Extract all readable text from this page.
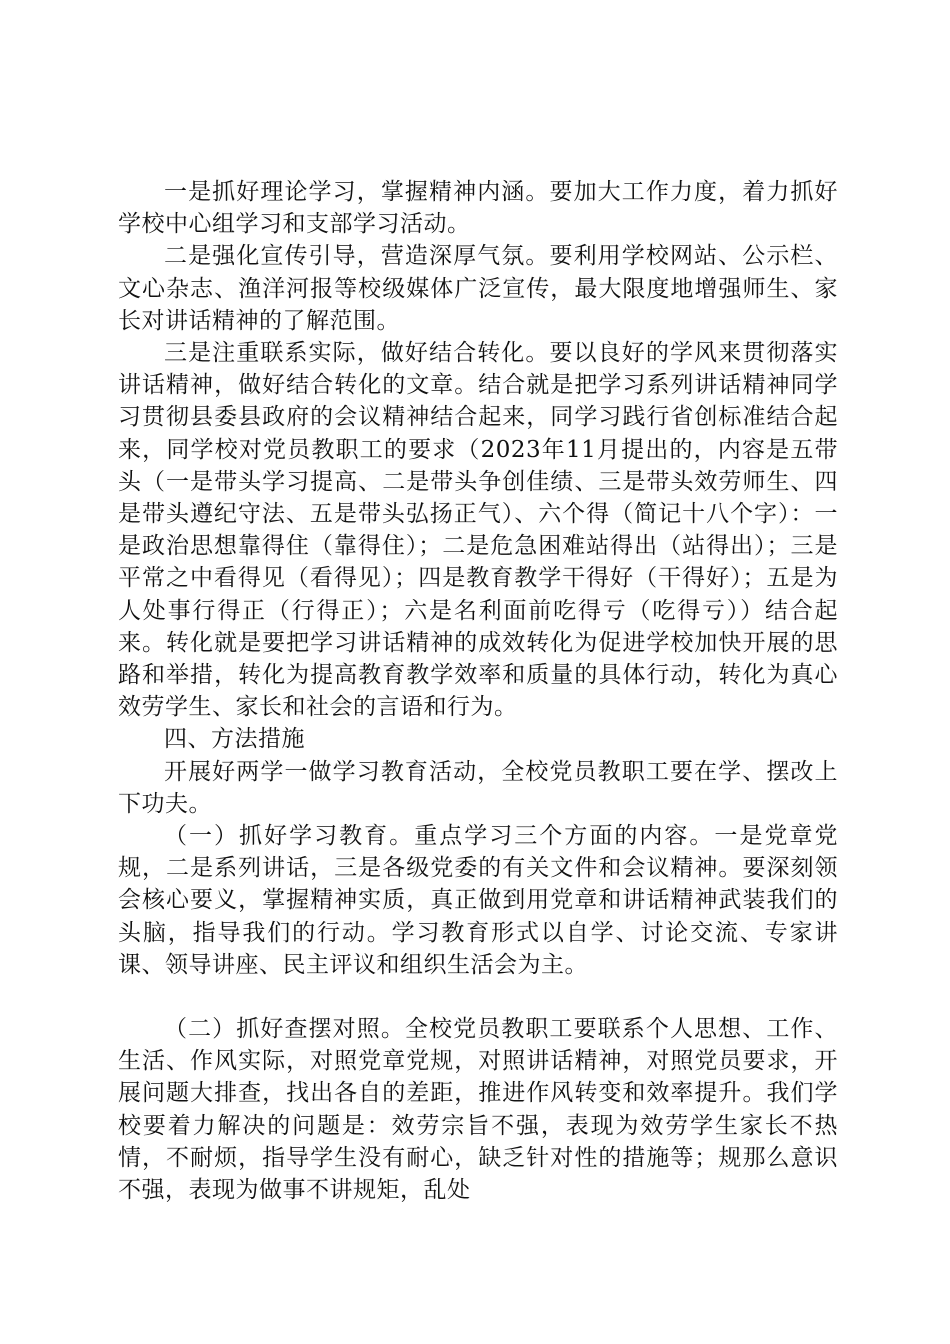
一是抓好理论学习，掌握精神内涵。要加大工作力度，着力抓好学校中心组学习和支部学习活动。

二是强化宣传引导，营造深厚气氛。要利用学校网站、公示栏、文心杂志、渔洋河报等校级媒体广泛宣传，最大限度地增强师生、家长对讲话精神的了解范围。

三是注重联系实际，做好结合转化。要以良好的学风来贯彻落实讲话精神，做好结合转化的文章。结合就是把学习系列讲话精神同学习贯彻县委县政府的会议精神结合起来，同学习践行省创标准结合起来，同学校对党员教职工的要求（2023年11月提出的，内容是五带头（一是带头学习提高、二是带头争创佳绩、三是带头效劳师生、四是带头遵纪守法、五是带头弘扬正气）、六个得（简记十八个字）：一是政治思想靠得住（靠得住）；二是危急困难站得出（站得出）；三是平常之中看得见（看得见）；四是教育教学干得好（干得好）；五是为人处事行得正（行得正）；六是名利面前吃得亏（吃得亏））结合起来。转化就是要把学习讲话精神的成效转化为促进学校加快开展的思路和举措，转化为提高教育教学效率和质量的具体行动，转化为真心效劳学生、家长和社会的言语和行为。

四、方法措施

开展好两学一做学习教育活动，全校党员教职工要在学、摆改上下功夫。

（一）抓好学习教育。重点学习三个方面的内容。一是党章党规，二是系列讲话，三是各级党委的有关文件和会议精神。要深刻领会核心要义，掌握精神实质，真正做到用党章和讲话精神武装我们的头脑，指导我们的行动。学习教育形式以自学、讨论交流、专家讲课、领导讲座、民主评议和组织生活会为主。

（二）抓好查摆对照。全校党员教职工要联系个人思想、工作、生活、作风实际，对照党章党规，对照讲话精神，对照党员要求，开展问题大排查，找出各自的差距，推进作风转变和效率提升。我们学校要着力解决的问题是：效劳宗旨不强，表现为效劳学生家长不热情，不耐烦，指导学生没有耐心，缺乏针对性的措施等；规那么意识不强，表现为做事不讲规矩，乱处
